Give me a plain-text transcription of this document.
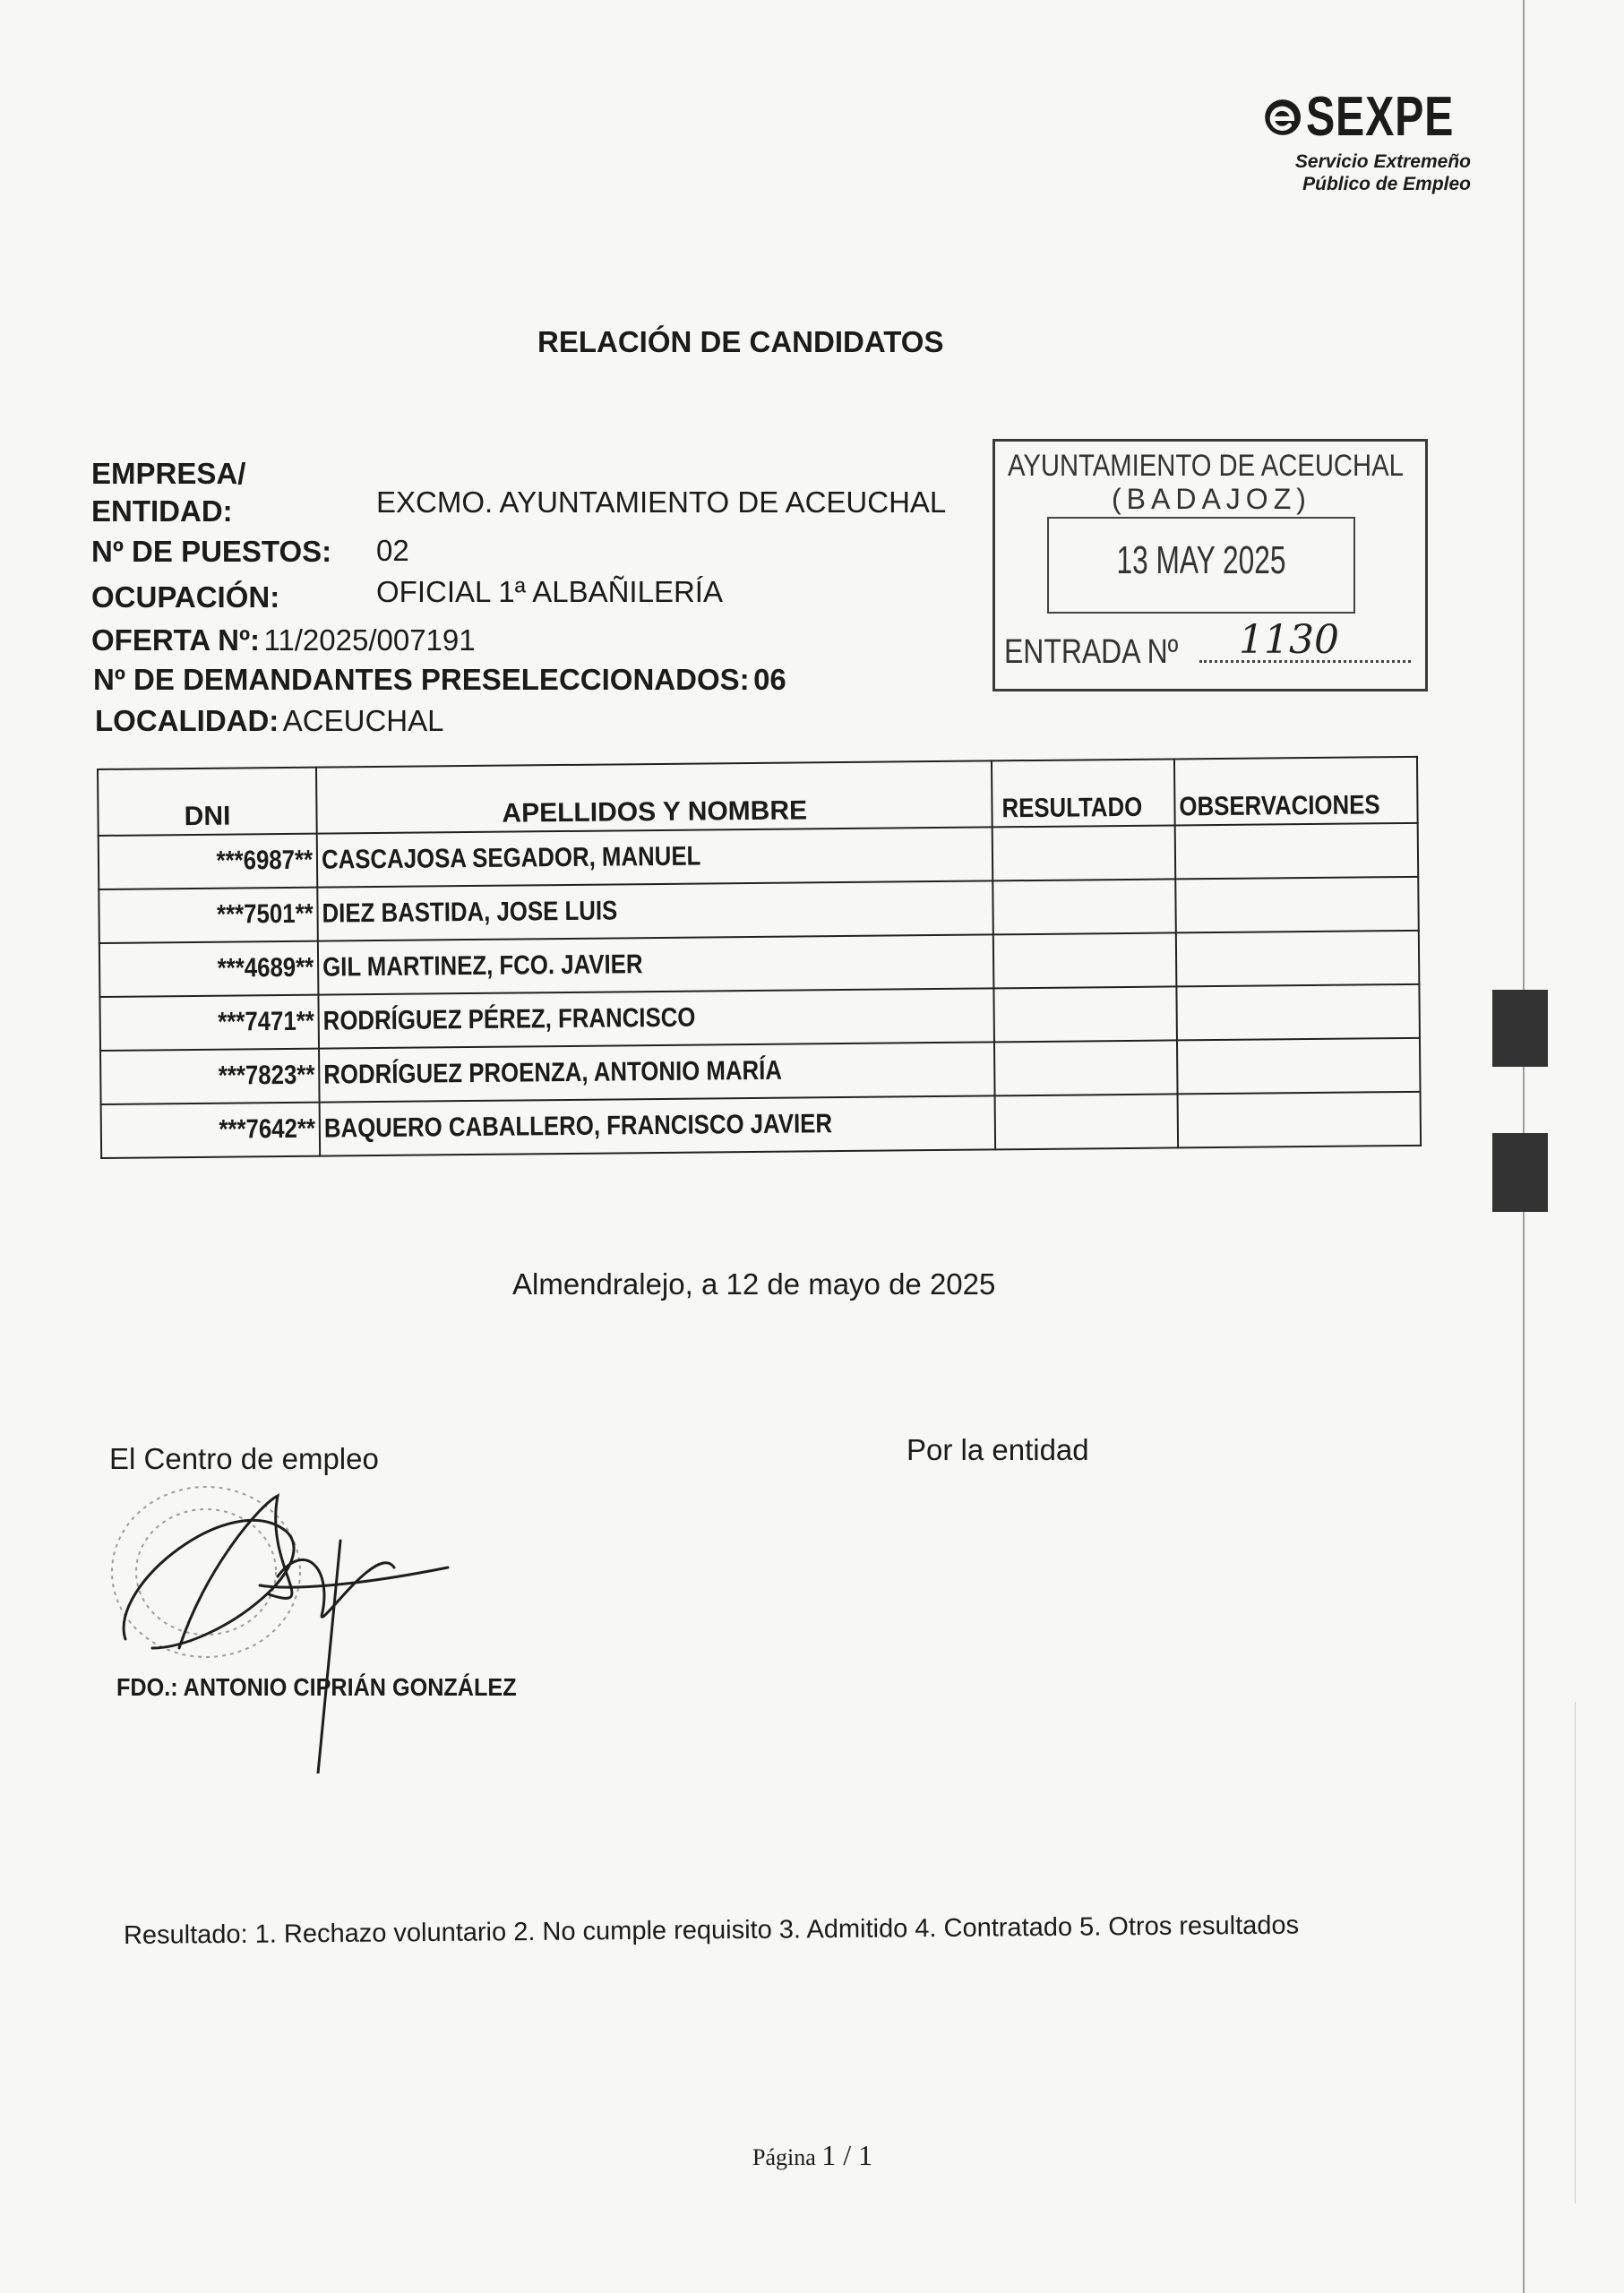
SEXPE
Servicio Extremeño
Público de Empleo
RELACIÓN DE CANDIDATOS
EMPRESA/
ENTIDAD:	EXCMO. AYUNTAMIENTO DE ACEUCHAL
Nº DE PUESTOS: 02
OCUPACIÓN:	OFICIAL 1ª ALBAÑILERÍA
OFERTA Nº: 11/2025/007191
Nº DE DEMANDANTES PRESELECCIONADOS: 06
LOCALIDAD: ACEUCHAL
AYUNTAMIENTO DE ACEUCHAL
(BADAJOZ)
13 MAY 2025
ENTRADA Nº 1130
DNI	APELLIDOS Y NOMBRE	RESULTADO	OBSERVACIONES
***6987**	CASCAJOSA SEGADOR, MANUEL		
***7501**	DIEZ BASTIDA, JOSE LUIS		
***4689**	GIL MARTINEZ, FCO. JAVIER		
***7471**	RODRÍGUEZ PÉREZ, FRANCISCO		
***7823**	RODRÍGUEZ PROENZA, ANTONIO MARÍA		
***7642**	BAQUERO CABALLERO, FRANCISCO JAVIER		
Almendralejo, a 12 de mayo de 2025
El Centro de empleo	Por la entidad
FDO.: ANTONIO CIPRIÁN GONZÁLEZ
Resultado: 1. Rechazo voluntario 2. No cumple requisito 3. Admitido 4. Contratado 5. Otros resultados
Página 1 / 1
